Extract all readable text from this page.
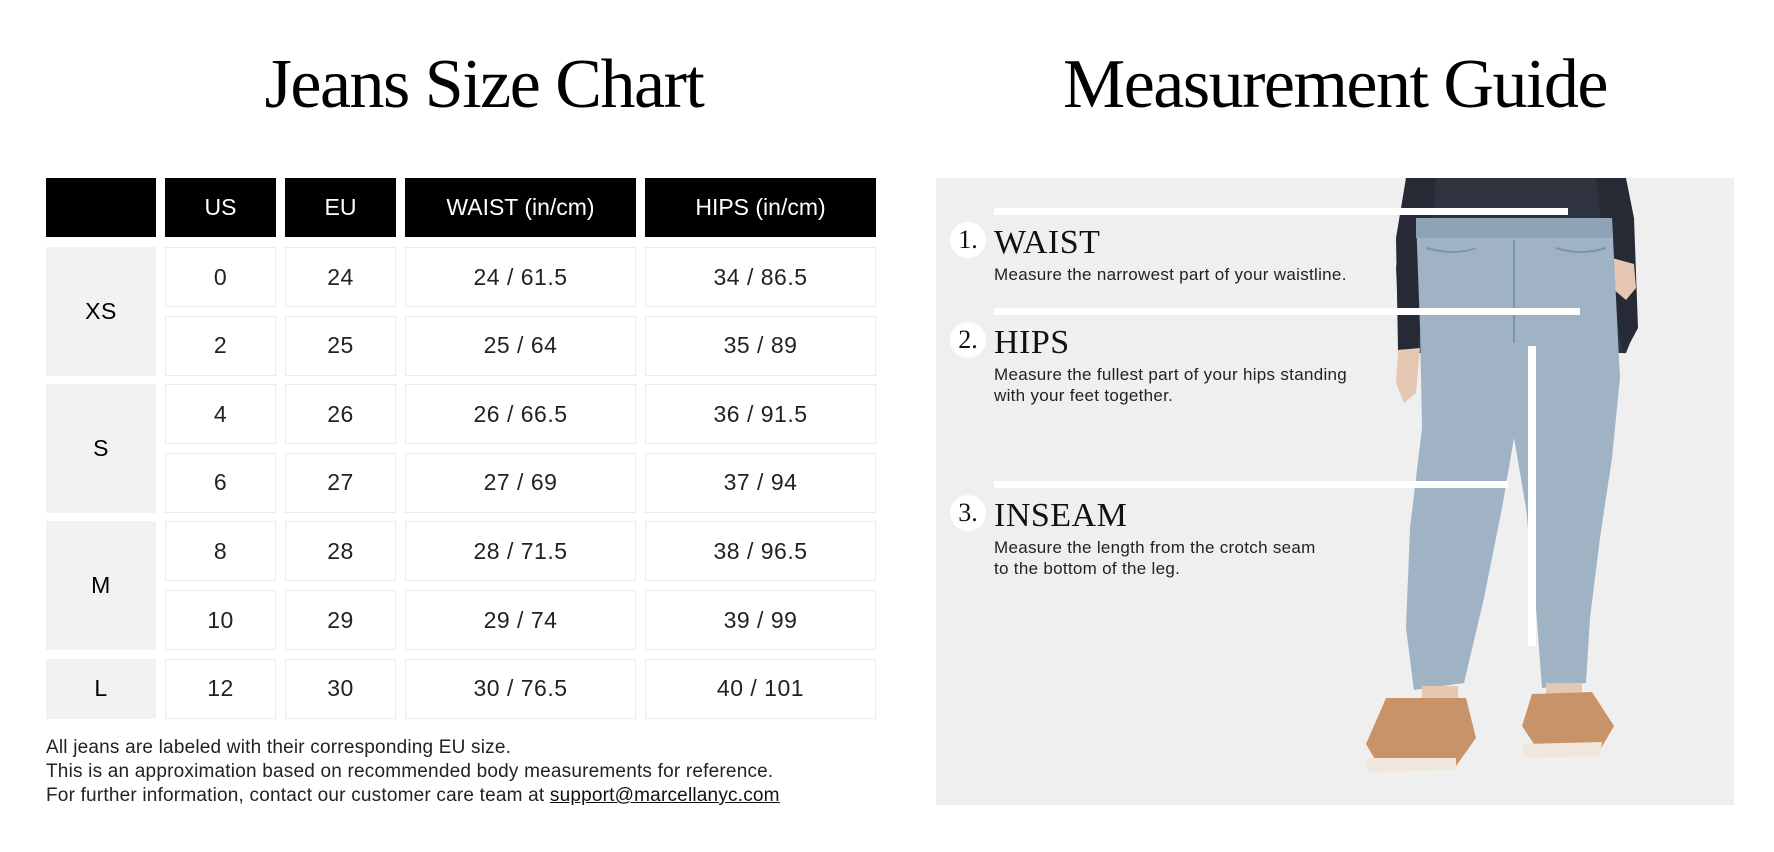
Jeans Size Chart	Measurement Guide
US	EU	WAIST (in/cm)	HIPS (in/cm)
XS
0	24	24 / 61.5	34 / 86.5
2	25	25 / 64	35 / 89
S
4	26	26 / 66.5	36 / 91.5
6	27	27 / 69	37 / 94
M
8	28	28 / 71.5	38 / 96.5
10	29	29 / 74	39 / 99
L	12	30	30 / 76.5	40 / 101

All jeans are labeled with their corresponding EU size.

This is an approximation based on recommended body measurements for reference.

For further information, contact our customer care team at support@marcellanyc.com

1. WAIST
Measure the narrowest part of your waistline.
2. HIPS
Measure the fullest part of your hips standing
with your feet together.
3. INSEAM
Measure the length from the crotch seam
to the bottom of the leg.
